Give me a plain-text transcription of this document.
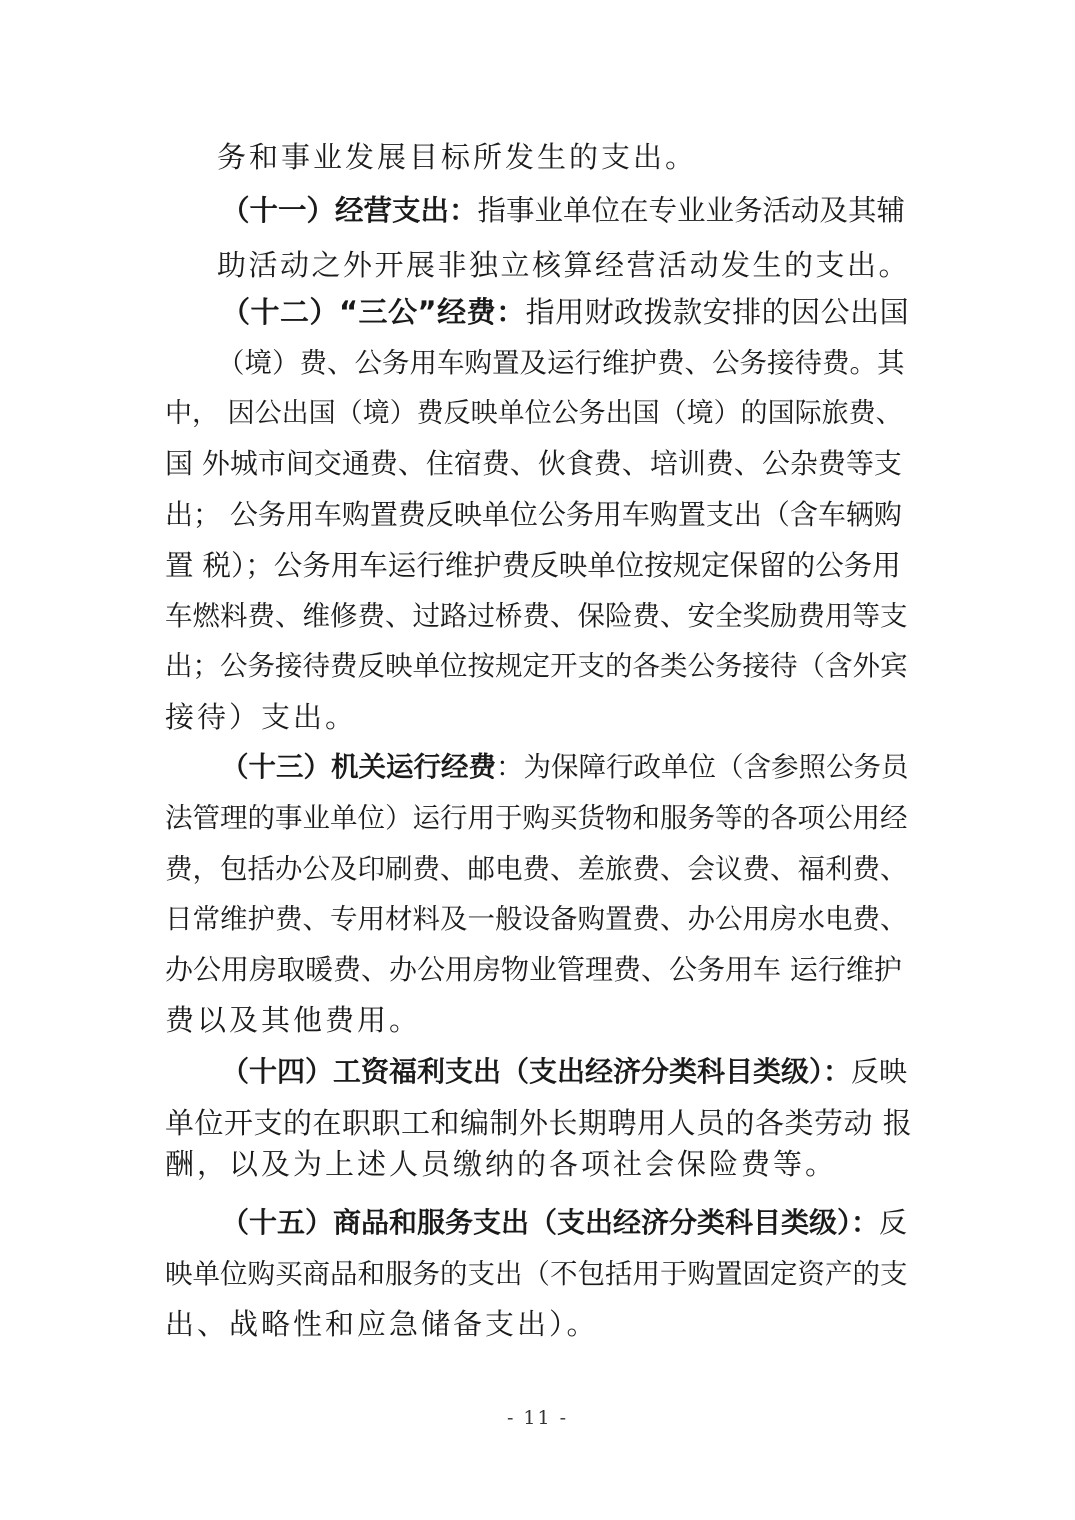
务和事业发展目标所发生的支出。
（十一）经营支出：指事业单位在专业业务活动及其辅
助活动之外开展非独立核算经营活动发生的支出。
（十二）“三公”经费：指用财政拨款安排的因公出国
（境）费、公务用车购置及运行维护费、公务接待费。其
中， 因公出国（境）费反映单位公务出国（境）的国际旅费、
国 外城市间交通费、住宿费、伙食费、培训费、公杂费等支
出； 公务用车购置费反映单位公务用车购置支出（含车辆购
置 税）；公务用车运行维护费反映单位按规定保留的公务用
车燃料费、维修费、过路过桥费、保险费、安全奖励费用等支
出；公务接待费反映单位按规定开支的各类公务接待（含外宾
接待）支出。
（十三）机关运行经费：为保障行政单位（含参照公务员
法管理的事业单位）运行用于购买货物和服务等的各项公用经
费，包括办公及印刷费、邮电费、差旅费、会议费、福利费、
日常维护费、专用材料及一般设备购置费、办公用房水电费、
办公用房取暖费、办公用房物业管理费、公务用车 运行维护
费以及其他费用。
（十四）工资福利支出（支出经济分类科目类级）：反映
单位开支的在职职工和编制外长期聘用人员的各类劳动 报
酬，以及为上述人员缴纳的各项社会保险费等。
（十五）商品和服务支出（支出经济分类科目类级）：反
映单位购买商品和服务的支出（不包括用于购置固定资产的支
出、战略性和应急储备支出）。
- 11 -
